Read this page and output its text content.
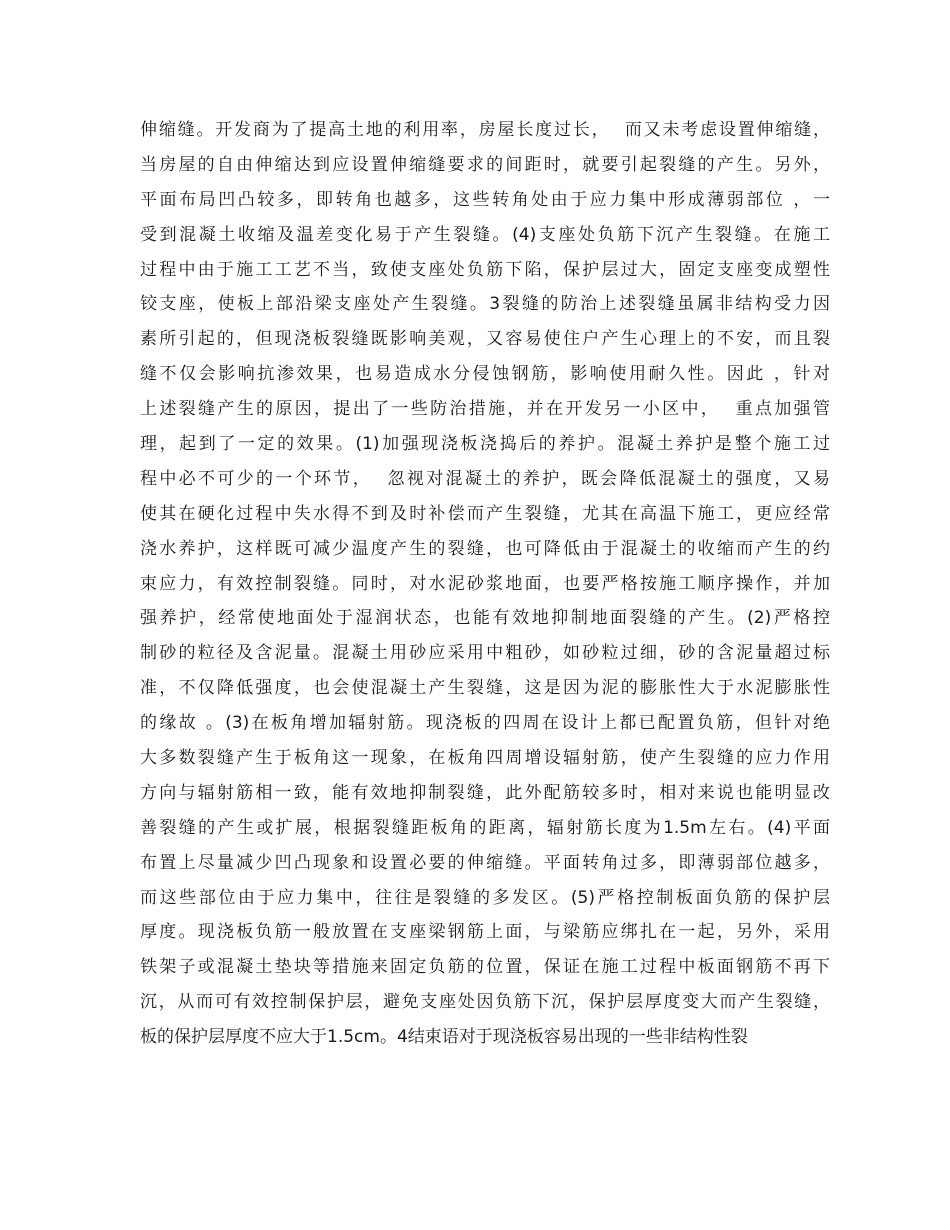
伸缩缝。开发商为了提高土地的利用率，房屋长度过长，  而又未考虑设置伸缩缝，
当房屋的自由伸缩达到应设置伸缩缝要求的间距时，就要引起裂缝的产生。另外，
平面布局凹凸较多，即转角也越多，这些转角处由于应力集中形成薄弱部位 ，一
受到混凝土收缩及温差变化易于产生裂缝。(4)支座处负筋下沉产生裂缝。在施工
过程中由于施工工艺不当，致使支座处负筋下陷，保护层过大，固定支座变成塑性
铰支座，使板上部沿梁支座处产生裂缝。3裂缝的防治上述裂缝虽属非结构受力因
素所引起的，但现浇板裂缝既影响美观，又容易使住户产生心理上的不安，而且裂
缝不仅会影响抗渗效果，也易造成水分侵蚀钢筋，影响使用耐久性。因此 ，针对
上述裂缝产生的原因，提出了一些防治措施，并在开发另一小区中，  重点加强管
理，起到了一定的效果。(1)加强现浇板浇捣后的养护。混凝土养护是整个施工过
程中必不可少的一个环节，  忽视对混凝土的养护，既会降低混凝土的强度，又易
使其在硬化过程中失水得不到及时补偿而产生裂缝，尤其在高温下施工，更应经常
浇水养护，这样既可减少温度产生的裂缝，也可降低由于混凝土的收缩而产生的约
束应力，有效控制裂缝。同时，对水泥砂浆地面，也要严格按施工顺序操作，并加
强养护，经常使地面处于湿润状态，也能有效地抑制地面裂缝的产生。(2)严格控
制砂的粒径及含泥量。混凝土用砂应采用中粗砂，如砂粒过细，砂的含泥量超过标
准，不仅降低强度，也会使混凝土产生裂缝，这是因为泥的膨胀性大于水泥膨胀性
的缘故 。(3)在板角增加辐射筋。现浇板的四周在设计上都已配置负筋，但针对绝
大多数裂缝产生于板角这一现象，在板角四周增设辐射筋，使产生裂缝的应力作用
方向与辐射筋相一致，能有效地抑制裂缝，此外配筋较多时，相对来说也能明显改
善裂缝的产生或扩展，根据裂缝距板角的距离，辐射筋长度为1.5m左右。(4)平面
布置上尽量减少凹凸现象和设置必要的伸缩缝。平面转角过多，即薄弱部位越多，
而这些部位由于应力集中，往往是裂缝的多发区。(5)严格控制板面负筋的保护层
厚度。现浇板负筋一般放置在支座梁钢筋上面，与梁筋应绑扎在一起，另外，采用
铁架子或混凝土垫块等措施来固定负筋的位置，保证在施工过程中板面钢筋不再下
沉，从而可有效控制保护层，避免支座处因负筋下沉，保护层厚度变大而产生裂缝，
板的保护层厚度不应大于1.5cm。4结束语对于现浇板容易出现的一些非结构性裂
